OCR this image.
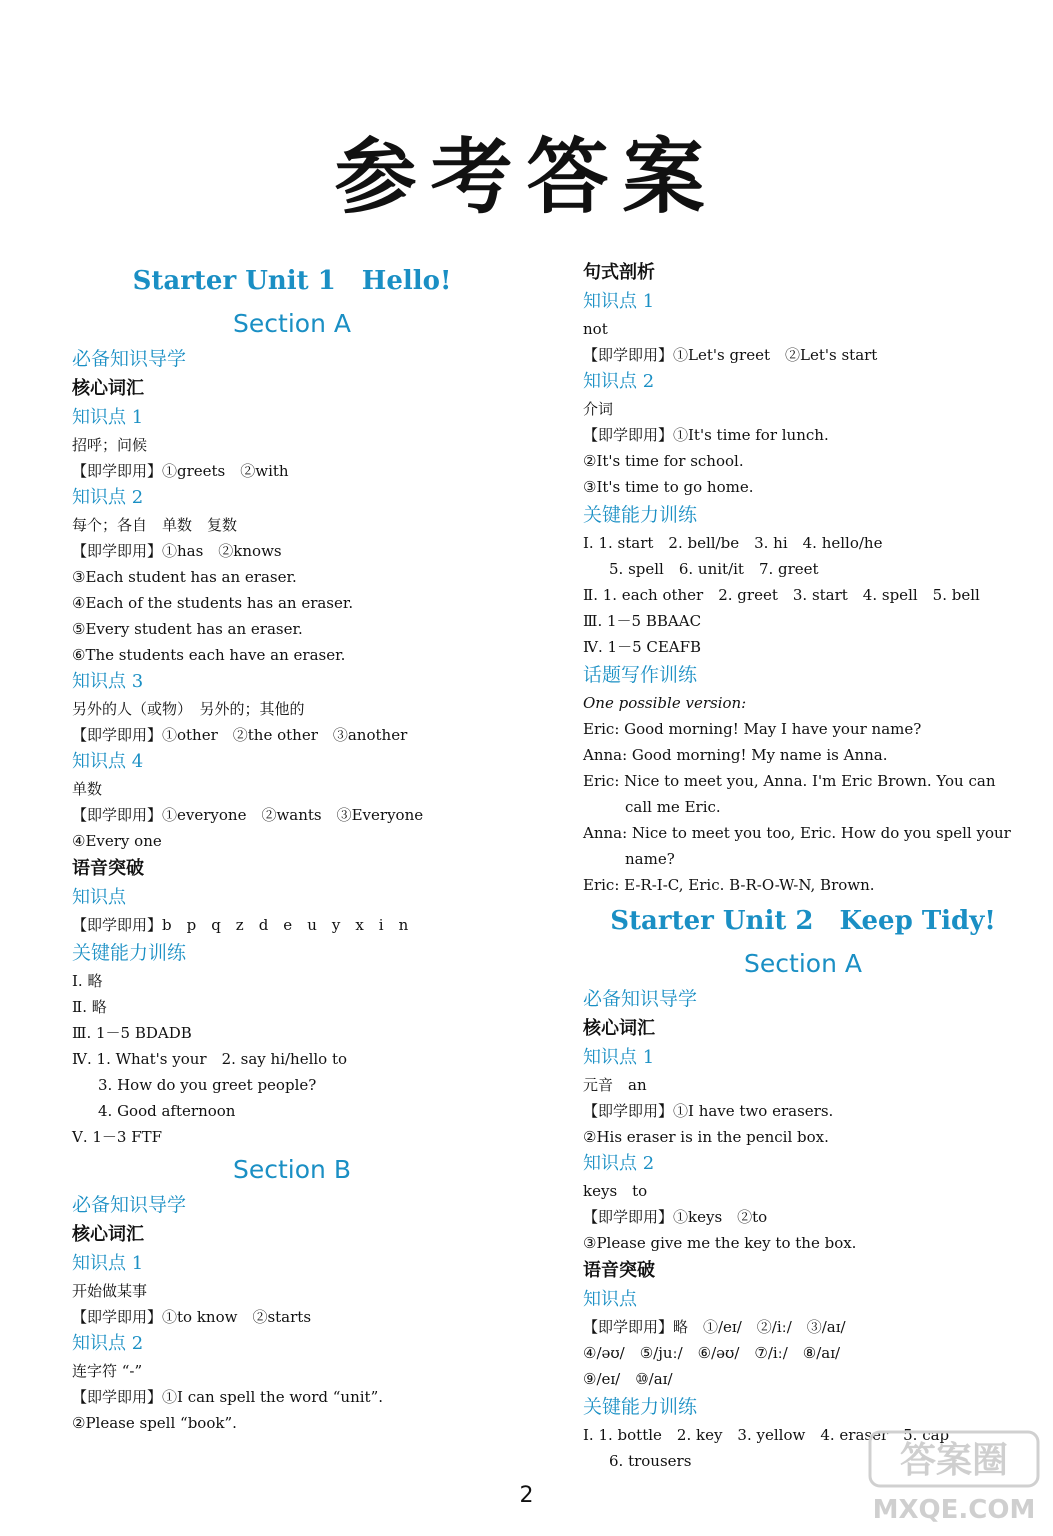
参考答案
Starter Unit 1　Hello!
Section A
必备知识导学
核心词汇
知识点 1
招呼；问候
【即学即用】①greets　②with
知识点 2
每个；各自　单数　复数
【即学即用】①has　②knows
③Each student has an eraser.
④Each of the students has an eraser.
⑤Every student has an eraser.
⑥The students each have an eraser.
知识点 3
另外的人（或物）　另外的；其他的
【即学即用】①other　②the other　③another
知识点 4
单数
【即学即用】①everyone　②wants　③Everyone
④Every one
语音突破
知识点
【即学即用】b　p　q　z　d　e　u　y　x　i　n
关键能力训练
Ⅰ. 略
Ⅱ. 略
Ⅲ. 1－5 BDADB
Ⅳ. 1. What's your　2. say hi/hello to
3. How do you greet people?
4. Good afternoon
Ⅴ. 1－3 FTF
Section B
必备知识导学
核心词汇
知识点 1
开始做某事
【即学即用】①to know　②starts
知识点 2
连字符 “-”
【即学即用】①I can spell the word “unit”.
②Please spell “book”.
句式剖析
知识点 1
not
【即学即用】①Let's greet　②Let's start
知识点 2
介词
【即学即用】①It's time for lunch.
②It's time for school.
③It's time to go home.
关键能力训练
Ⅰ. 1. start　2. bell/be　3. hi　4. hello/he
5. spell　6. unit/it　7. greet
Ⅱ. 1. each other　2. greet　3. start　4. spell　5. bell
Ⅲ. 1－5 BBAAC
Ⅳ. 1－5 CEAFB
话题写作训练
One possible version:
Eric: Good morning! May I have your name?
Anna: Good morning! My name is Anna.
Eric: Nice to meet you, Anna. I'm Eric Brown. You can
call me Eric.
Anna: Nice to meet you too, Eric. How do you spell your
name?
Eric: E-R-I-C, Eric. B-R-O-W-N, Brown.
Starter Unit 2　Keep Tidy!
Section A
必备知识导学
核心词汇
知识点 1
元音　an
【即学即用】①I have two erasers.
②His eraser is in the pencil box.
知识点 2
keys　to
【即学即用】①keys　②to
③Please give me the key to the box.
语音突破
知识点
【即学即用】略　①/eɪ/　②/iː/　③/aɪ/
④/əʊ/　⑤/juː/　⑥/əʊ/　⑦/iː/　⑧/aɪ/
⑨/eɪ/　⑩/aɪ/
关键能力训练
Ⅰ. 1. bottle　2. key　3. yellow　4. eraser　5. cap
6. trousers
2
答案圈
MXQE.COM
